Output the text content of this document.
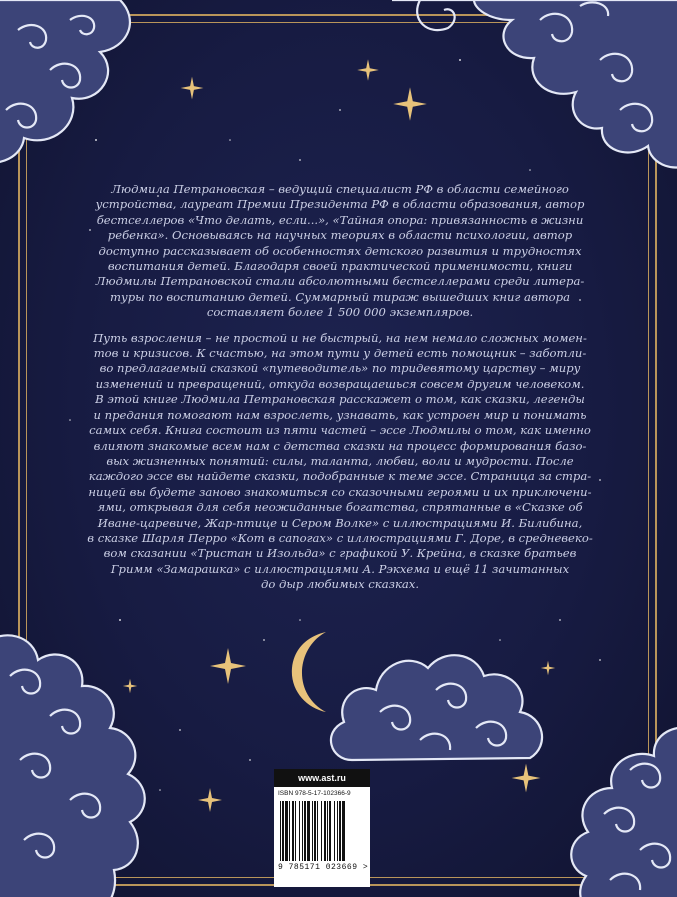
Людмила Петрановская – ведущий специалист РФ в области семейного
устройства, лауреат Премии Президента РФ в области образования, автор
бестселлеров «Что делать, если...», «Тайная опора: привязанность в жизни
ребенка». Основываясь на научных теориях в области психологии, автор
доступно рассказывает об особенностях детского развития и трудностях
воспитания детей. Благодаря своей практической применимости, книги
Людмилы Петрановской стали абсолютными бестселлерами среди литера-
туры по воспитанию детей. Суммарный тираж вышедших книг автора
составляет более 1 500 000 экземпляров.

Путь взросления – не простой и не быстрый, на нем немало сложных момен-
тов и кризисов. К счастью, на этом пути у детей есть помощник – заботли-
во предлагаемый сказкой «путеводитель» по тридевятому царству – миру
изменений и превращений, откуда возвращаешься совсем другим человеком.
В этой книге Людмила Петрановская расскажет о том, как сказки, легенды
и предания помогают нам взрослеть, узнавать, как устроен мир и понимать
самих себя. Книга состоит из пяти частей – эссе Людмилы о том, как именно
влияют знакомые всем нам с детства сказки на процесс формирования базо-
вых жизненных понятий: силы, таланта, любви, воли и мудрости. После
каждого эссе вы найдете сказки, подобранные к теме эссе. Страница за стра-
ницей вы будете заново знакомиться со сказочными героями и их приключени-
ями, открывая для себя неожиданные богатства, спрятанные в «Сказке об
Иване-царевиче, Жар-птице и Сером Волке» с иллюстрациями И. Билибина,
в сказке Шарля Перро «Кот в сапогах» с иллюстрациями Г. Доре, в средневеко-
вом сказании «Тристан и Изольда» с графикой У. Крейна, в сказке братьев
Гримм «Замарашка» с иллюстрациями А. Рэкхема и ещё 11 зачитанных
до дыр любимых сказках.

www.ast.ru
ISBN 978-5-17-102366-9
9 785171 023669 >
